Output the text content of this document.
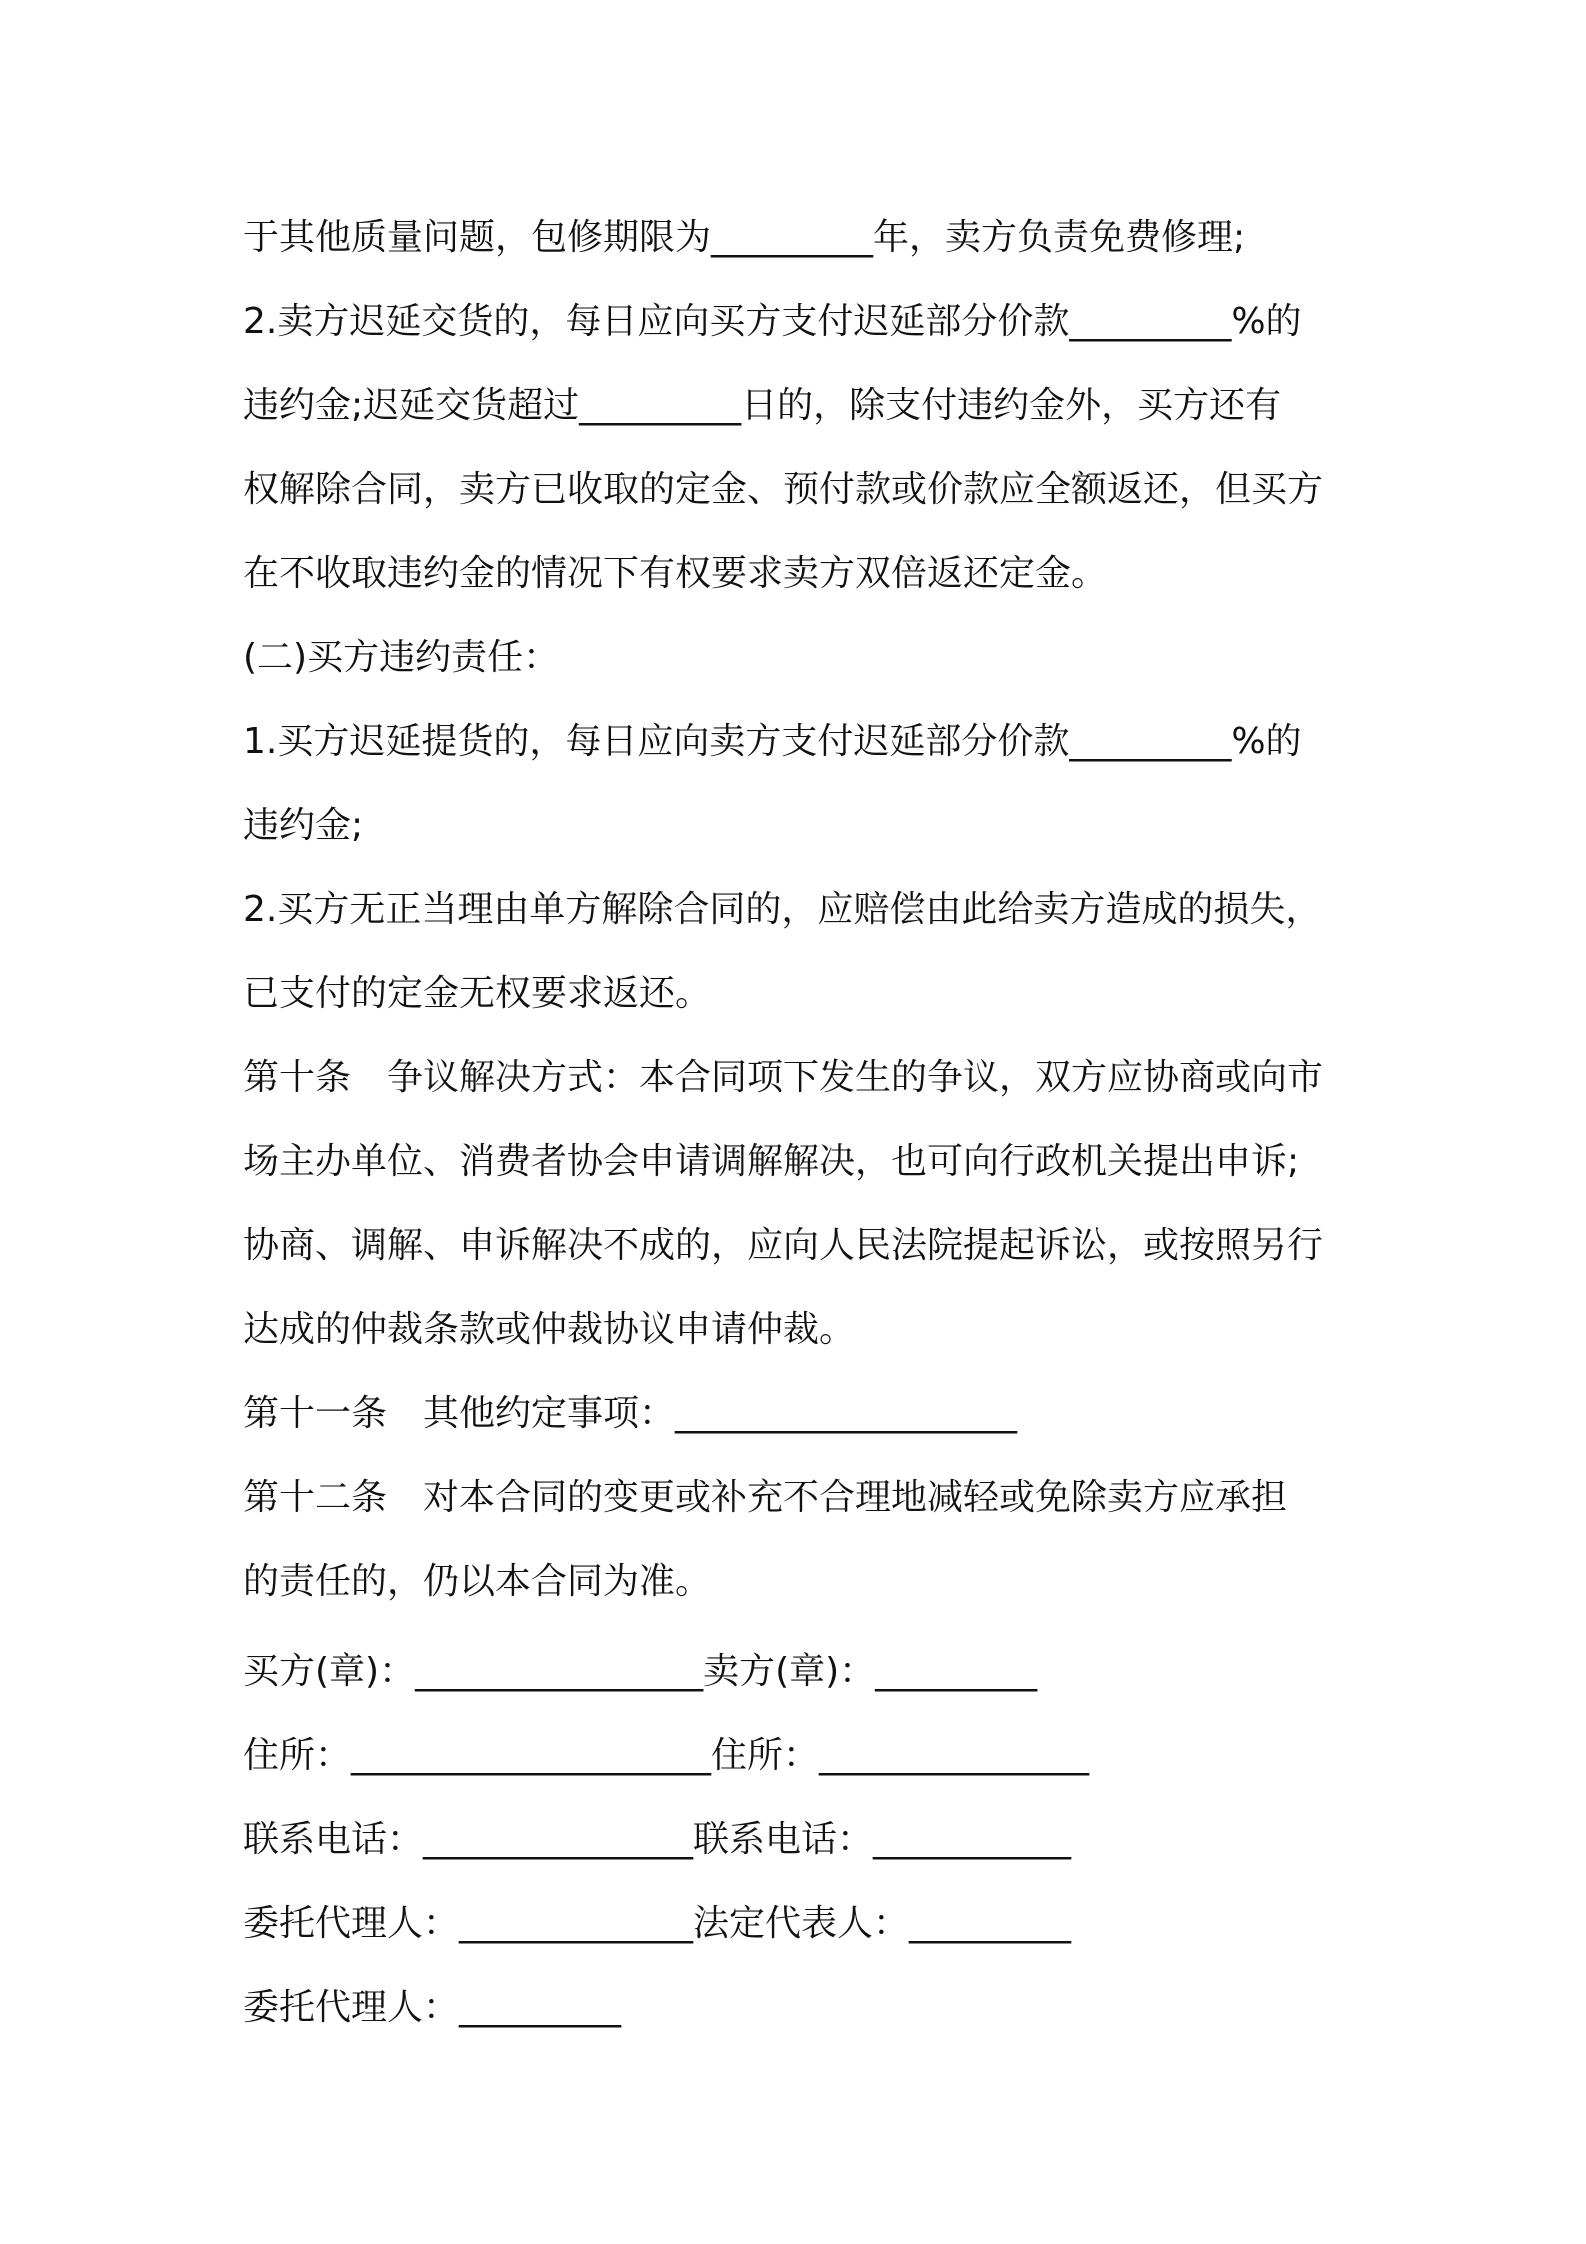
于其他质量问题，包修期限为_________年，卖方负责免费修理;
2.卖方迟延交货的，每日应向买方支付迟延部分价款_________%的
违约金;迟延交货超过_________日的，除支付违约金外，买方还有
权解除合同，卖方已收取的定金、预付款或价款应全额返还，但买方
在不收取违约金的情况下有权要求卖方双倍返还定金。
(二)买方违约责任：
1.买方迟延提货的，每日应向卖方支付迟延部分价款_________%的
违约金;
2.买方无正当理由单方解除合同的，应赔偿由此给卖方造成的损失，
已支付的定金无权要求返还。
第十条　争议解决方式：本合同项下发生的争议，双方应协商或向市
场主办单位、消费者协会申请调解解决，也可向行政机关提出申诉;
协商、调解、申诉解决不成的，应向人民法院提起诉讼，或按照另行
达成的仲裁条款或仲裁协议申请仲裁。
第十一条　其他约定事项：___________________
第十二条　对本合同的变更或补充不合理地减轻或免除卖方应承担
的责任的，仍以本合同为准。
买方(章)：________________卖方(章)：_________
住所：____________________住所：_______________
联系电话：_______________联系电话：___________
委托代理人：_____________法定代表人：_________
委托代理人：_________
